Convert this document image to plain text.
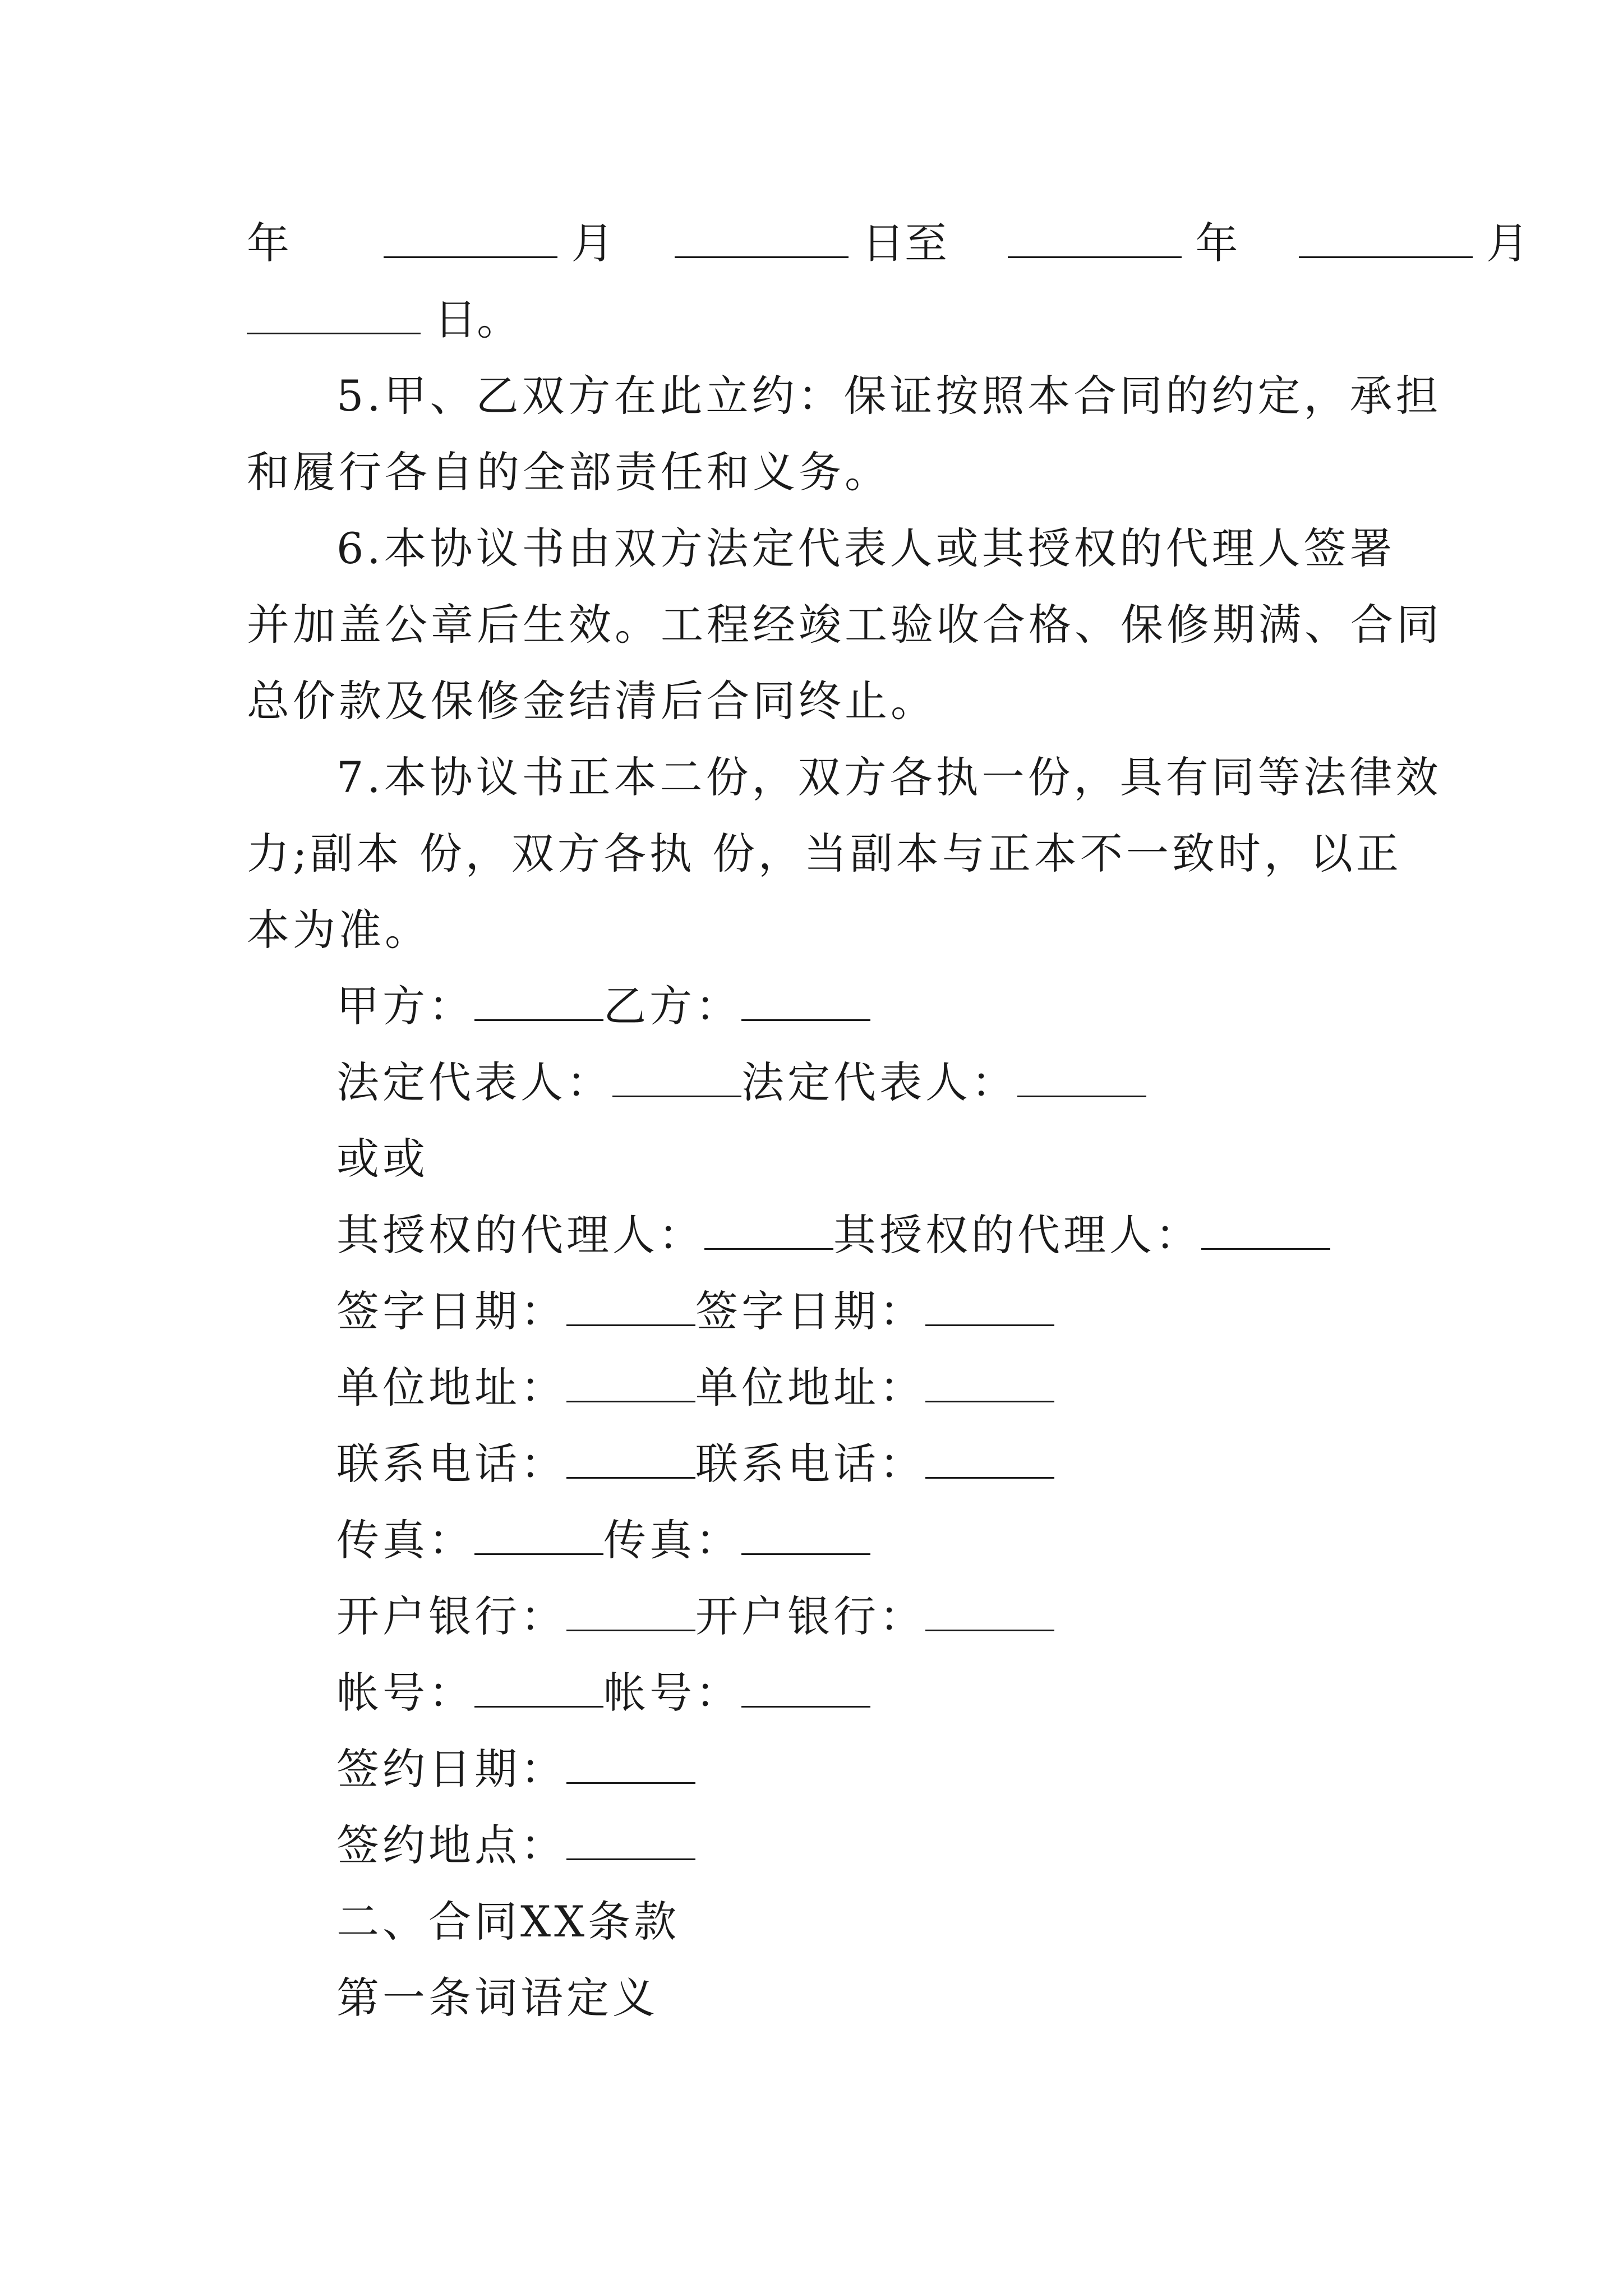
年	月	日至	年	月
日。
5.甲、乙双方在此立约：保证按照本合同的约定，承担
和履行各自的全部责任和义务。
6.本协议书由双方法定代表人或其授权的代理人签署
并加盖公章后生效。工程经竣工验收合格、保修期满、合同
总价款及保修金结清后合同终止。
7.本协议书正本二份，双方各执一份，具有同等法律效
力;副本 份，双方各执 份，当副本与正本不一致时，以正
本为准。
甲方：	乙方：
法定代表人：	法定代表人：
或或
其授权的代理人：	其授权的代理人：
签字日期：	签字日期：
单位地址：	单位地址：
联系电话：	联系电话：
传真：	传真：
开户银行：	开户银行：
帐号：	帐号：
签约日期：
签约地点：
二、合同XX条款
第一条词语定义
